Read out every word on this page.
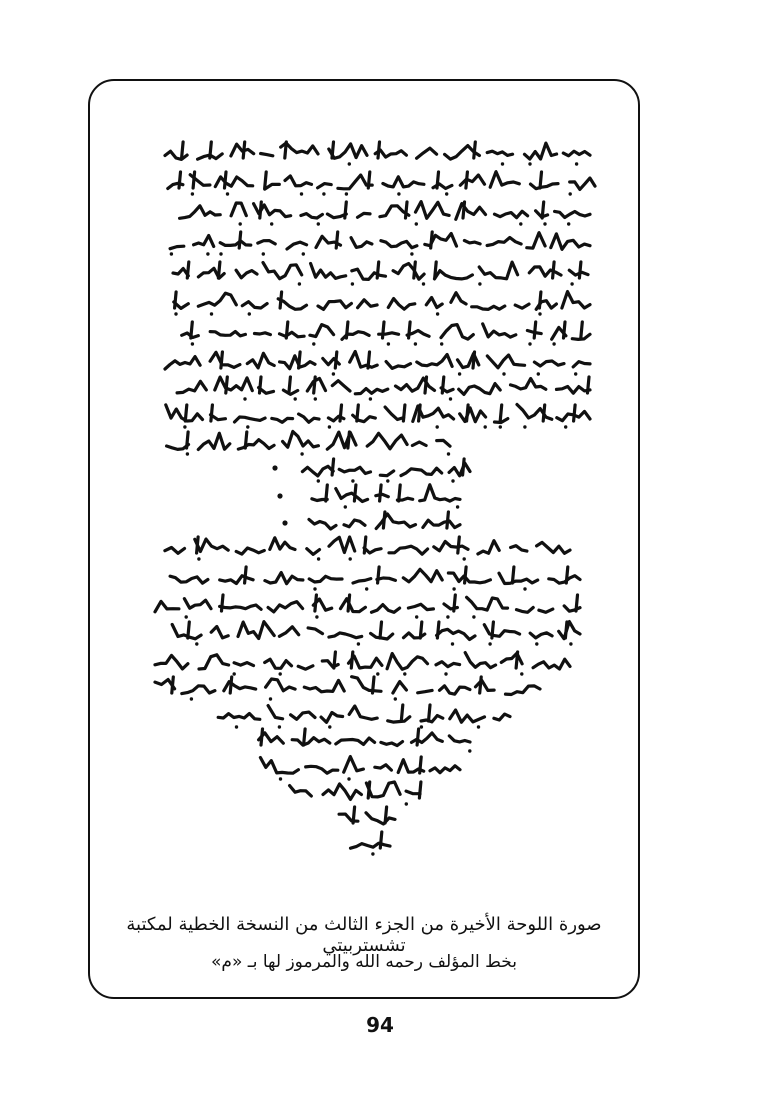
صورة اللوحة الأخيرة من الجزء الثالث من النسخة الخطية لمكتبة تشستربيتي
بخط المؤلف رحمه الله والمرموز لها بـ «م»
94
